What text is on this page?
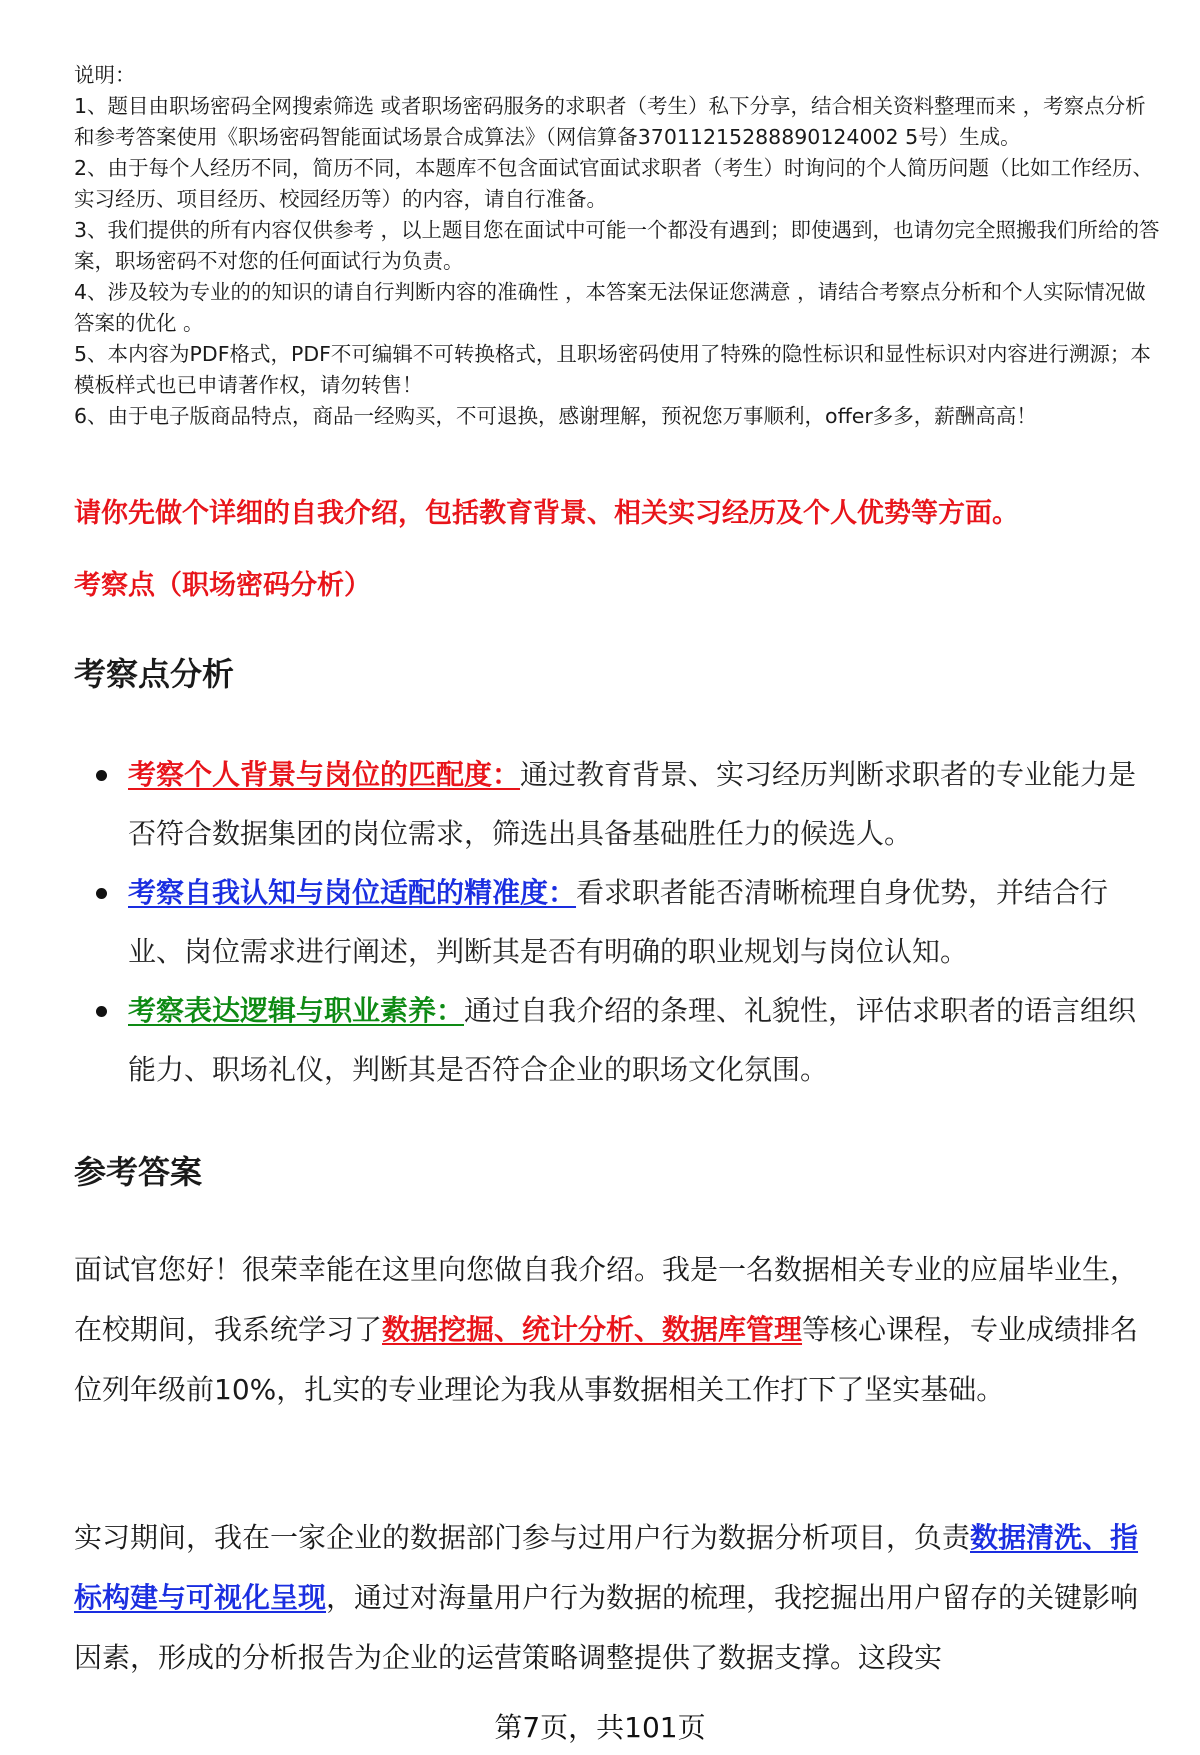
说明：

1、题目由职场密码全网搜索筛选 或者职场密码服务的求职者（考生）私下分享，结合相关资料整理而来 ，考察点分析和参考答案使用《职场密码智能面试场景合成算法》（网信算备37011215288890124002 5号）生成。

2、由于每个人经历不同，简历不同，本题库不包含面试官面试求职者（考生）时询问的个人简历问题（比如工作经历、实习经历、项目经历、校园经历等）的内容，请自行准备。

3、我们提供的所有内容仅供参考 ，以上题目您在面试中可能一个都没有遇到；即使遇到，也请勿完全照搬我们所给的答案，职场密码不对您的任何面试行为负责。

4、涉及较为专业的的知识的请自行判断内容的准确性 ，本答案无法保证您满意 ，请结合考察点分析和个人实际情况做答案的优化 。

5、本内容为PDF格式，PDF不可编辑不可转换格式，且职场密码使用了特殊的隐性标识和显性标识对内容进行溯源；本模板样式也已申请著作权，请勿转售！

6、由于电子版商品特点，商品一经购买，不可退换，感谢理解，预祝您万事顺利，offer多多，薪酬高高！

请你先做个详细的自我介绍，包括教育背景、相关实习经历及个人优势等方面。

考察点（职场密码分析）

考察点分析
考察个人背景与岗位的匹配度：通过教育背景、实习经历判断求职者的专业能力是否符合数据集团的岗位需求，筛选出具备基础胜任力的候选人。
考察自我认知与岗位适配的精准度：看求职者能否清晰梳理自身优势，并结合行业、岗位需求进行阐述，判断其是否有明确的职业规划与岗位认知。
考察表达逻辑与职业素养：通过自我介绍的条理、礼貌性，评估求职者的语言组织能力、职场礼仪，判断其是否符合企业的职场文化氛围。
参考答案

面试官您好！很荣幸能在这里向您做自我介绍。我是一名数据相关专业的应届毕业生，在校期间，我系统学习了数据挖掘、统计分析、数据库管理等核心课程，专业成绩排名位列年级前10%，扎实的专业理论为我从事数据相关工作打下了坚实基础。

实习期间，我在一家企业的数据部门参与过用户行为数据分析项目，负责数据清洗、指标构建与可视化呈现，通过对海量用户行为数据的梳理，我挖掘出用户留存的关键影响因素，形成的分析报告为企业的运营策略调整提供了数据支撑。这段实

第7页，共101页
